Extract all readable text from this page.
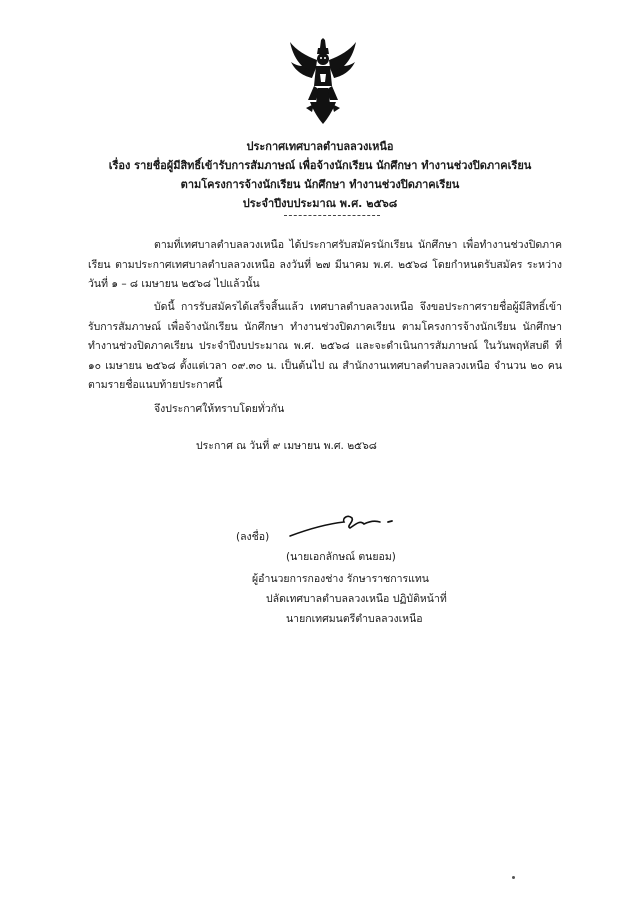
ประกาศเทศบาลตำบลลวงเหนือ
เรื่อง รายชื่อผู้มีสิทธิ์เข้ารับการสัมภาษณ์ เพื่อจ้างนักเรียน นักศึกษา ทำงานช่วงปิดภาคเรียน
ตามโครงการจ้างนักเรียน นักศึกษา ทำงานช่วงปิดภาคเรียน
ประจำปีงบประมาณ พ.ศ. ๒๕๖๘
ตามที่เทศบาลตำบลลวงเหนือ ได้ประกาศรับสมัครนักเรียน นักศึกษา เพื่อทำงานช่วงปิดภาคเรียน ตามประกาศเทศบาลตำบลลวงเหนือ ลงวันที่ ๒๗ มีนาคม พ.ศ. ๒๕๖๘ โดยกำหนดรับสมัคร ระหว่างวันที่ ๑ – ๘ เมษายน ๒๕๖๘ ไปแล้วนั้น
บัดนี้ การรับสมัครได้เสร็จสิ้นแล้ว เทศบาลตำบลลวงเหนือ จึงขอประกาศรายชื่อผู้มีสิทธิ์เข้ารับการสัมภาษณ์ เพื่อจ้างนักเรียน นักศึกษา ทำงานช่วงปิดภาคเรียน ตามโครงการจ้างนักเรียน นักศึกษา ทำงานช่วงปิดภาคเรียน ประจำปีงบประมาณ พ.ศ. ๒๕๖๘ และจะดำเนินการสัมภาษณ์ ในวันพฤหัสบดี ที่ ๑๐ เมษายน ๒๕๖๘ ตั้งแต่เวลา ๐๙.๓๐ น. เป็นต้นไป ณ สำนักงานเทศบาลตำบลลวงเหนือ จำนวน ๒๐ คน ตามรายชื่อแนบท้ายประกาศนี้
จึงประกาศให้ทราบโดยทั่วกัน
ประกาศ ณ วันที่ ๙ เมษายน พ.ศ. ๒๕๖๘
(ลงชื่อ)
(นายเอกลักษณ์ ตนยอม)
ผู้อำนวยการกองช่าง รักษาราชการแทน
ปลัดเทศบาลตำบลลวงเหนือ ปฏิบัติหน้าที่
นายกเทศมนตรีตำบลลวงเหนือ
